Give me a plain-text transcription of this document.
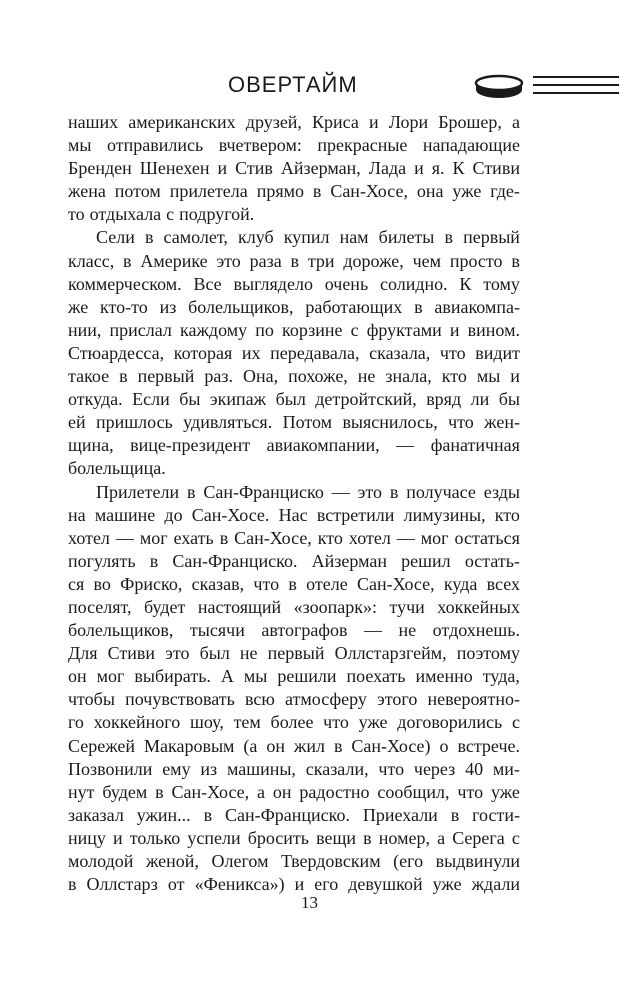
ОВЕРТАЙМ
наших американских друзей, Криса и Лори Брошер, а
мы отправились вчетвером: прекрасные нападающие
Бренден Шенехен и Стив Айзерман, Лада и я. К Стиви
жена потом прилетела прямо в Сан-Хосе, она уже где-
то отдыхала с подругой.
Сели в самолет, клуб купил нам билеты в первый
класс, в Америке это раза в три дороже, чем просто в
коммерческом. Все выглядело очень солидно. К тому
же кто-то из болельщиков, работающих в авиакомпа-
нии, прислал каждому по корзине с фруктами и вином.
Стюардесса, которая их передавала, сказала, что видит
такое в первый раз. Она, похоже, не знала, кто мы и
откуда. Если бы экипаж был детройтский, вряд ли бы
ей пришлось удивляться. Потом выяснилось, что жен-
щина, вице-президент авиакомпании, — фанатичная
болельщица.
Прилетели в Сан-Франциско — это в получасе езды
на машине до Сан-Хосе. Нас встретили лимузины, кто
хотел — мог ехать в Сан-Хосе, кто хотел — мог остаться
погулять в Сан-Франциско. Айзерман решил остать-
ся во Фриско, сказав, что в отеле Сан-Хосе, куда всех
поселят, будет настоящий «зоопарк»: тучи хоккейных
болельщиков, тысячи автографов — не отдохнешь.
Для Стиви это был не первый Оллстарзгейм, поэтому
он мог выбирать. А мы решили поехать именно туда,
чтобы почувствовать всю атмосферу этого невероятно-
го хоккейного шоу, тем более что уже договорились с
Сережей Макаровым (а он жил в Сан-Хосе) о встрече.
Позвонили ему из машины, сказали, что через 40 ми-
нут будем в Сан-Хосе, а он радостно сообщил, что уже
заказал ужин... в Сан-Франциско. Приехали в гости-
ницу и только успели бросить вещи в номер, а Серега с
молодой женой, Олегом Твердовским (его выдвинули
в Оллстарз от «Феникса») и его девушкой уже ждали
13
